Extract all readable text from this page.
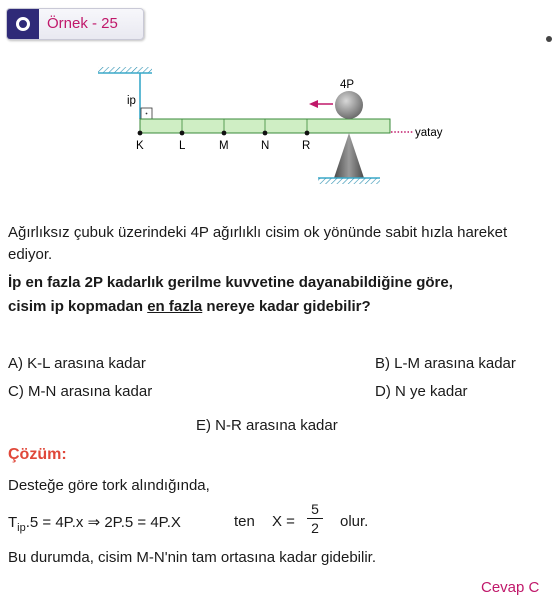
Örnek - 25
ip
K	L	M	N	R
4P
yatay
Ağırlıksız çubuk üzerindeki 4P ağırlıklı cisim ok yönünde sabit hızla hareket ediyor.
İp en fazla 2P kadarlık gerilme kuvvetine dayanabildiğine göre,
cisim ip kopmadan en fazla nereye kadar gidebilir?
A) K-L arasına kadar	B) L-M arasına kadar
C) M-N arasına kadar	D) N ye kadar
E) N-R arasına kadar
Çözüm:
Desteğe göre tork alındığında,
$T_{ip}.5 = 4P.x$ ⇒ 2P.5 = 4P.X	ten $X = \frac{5}{2}$ olur.
Bu durumda, cisim M-N'nin tam ortasına kadar gidebilir.
Cevap C
